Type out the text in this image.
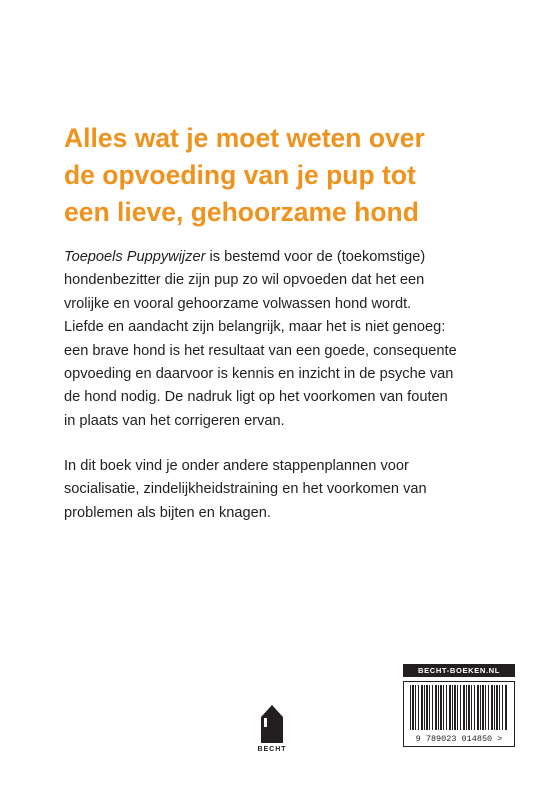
Alles wat je moet weten over
de opvoeding van je pup tot
een lieve, gehoorzame hond
Toepoels Puppywijzer is bestemd voor de (toekomstige)
hondenbezitter die zijn pup zo wil opvoeden dat het een
vrolijke en vooral gehoorzame volwassen hond wordt.
Liefde en aandacht zijn belangrijk, maar het is niet genoeg:
een brave hond is het resultaat van een goede, consequente
opvoeding en daarvoor is kennis en inzicht in de psyche van
de hond nodig. De nadruk ligt op het voorkomen van fouten
in plaats van het corrigeren ervan.
In dit boek vind je onder andere stappenplannen voor
socialisatie, zindelijkheidstraining en het voorkomen van
problemen als bijten en knagen.
BECHT
BECHT-BOEKEN.NL
9 789023 014850 >
